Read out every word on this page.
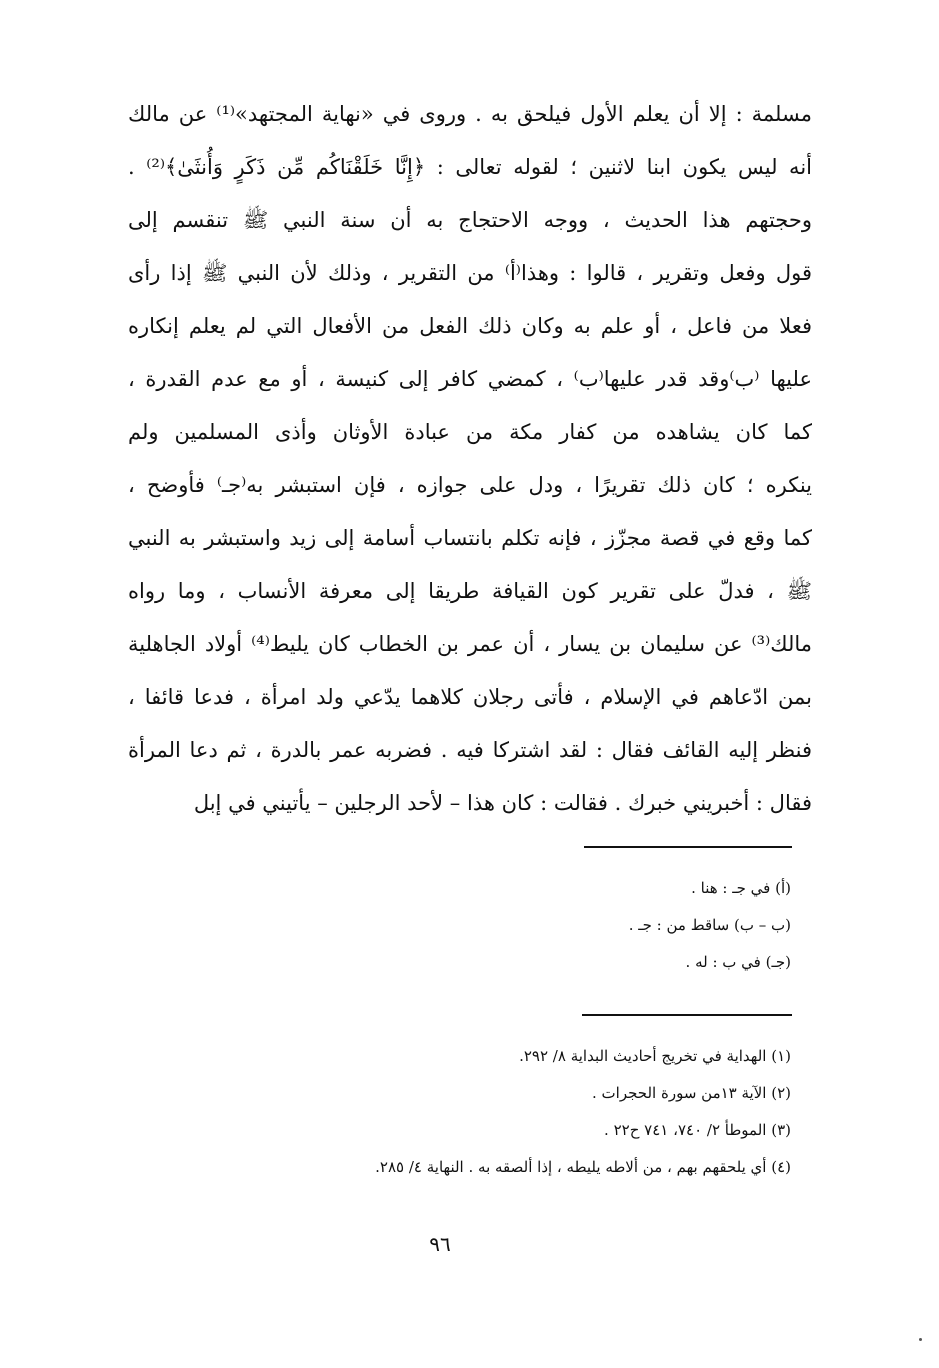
مسلمة : إلا أن يعلم الأول فيلحق به . وروى في «نهاية المجتهد»⁽¹⁾ عن مالك
أنه ليس يكون ابنا لاثنين ؛ لقوله تعالى : ﴿إِنَّا خَلَقْنَاكُم مِّن ذَكَرٍ وَأُنثَىٰ﴾⁽²⁾ .
وحجتهم هذا الحديث ، ووجه الاحتجاج به أن سنة النبي ﷺ تنقسم إلى
قول وفعل وتقرير ، قالوا : وهذا⁽أ⁾ من التقرير ، وذلك لأن النبي ﷺ إذا رأى
فعلا من فاعل ، أو علم به وكان ذلك الفعل من الأفعال التي لم يعلم إنكاره
عليها ⁽ب⁾وقد قدر عليها⁽ب⁾ ، كمضي كافر إلى كنيسة ، أو مع عدم القدرة ،
كما كان يشاهده من كفار مكة من عبادة الأوثان وأذى المسلمين ولم
ينكره ؛ كان ذلك تقريرًا ، ودل على جوازه ، فإن استبشر به⁽جـ⁾ فأوضح ،
كما وقع في قصة مجزّز ، فإنه تكلم بانتساب أسامة إلى زيد واستبشر به النبي
ﷺ ، فدلّ على تقرير كون القيافة طريقا إلى معرفة الأنساب ، وما رواه
مالك⁽³⁾ عن سليمان بن يسار ، أن عمر بن الخطاب كان يليط⁽⁴⁾ أولاد الجاهلية
بمن ادّعاهم في الإسلام ، فأتى رجلان كلاهما يدّعي ولد امرأة ، فدعا قائفا ،
فنظر إليه القائف فقال : لقد اشتركا فيه . فضربه عمر بالدرة ، ثم دعا المرأة
فقال : أخبريني خبرك . فقالت : كان هذا – لأحد الرجلين – يأتيني في إبل
(أ) في جـ : هنا .
(ب – ب) ساقط من : جـ .
(جـ) في ب : له .
(١) الهداية في تخريج أحاديث البداية ٨/ ٢٩٢.
(٢) الآية ١٣من سورة الحجرات .
(٣) الموطأ ٢/ ٧٤٠، ٧٤١ ح٢٢ .
(٤) أي يلحقهم بهم ، من ألاطه يليطه ، إذا ألصقه به . النهاية ٤/ ٢٨٥.
٩٦
